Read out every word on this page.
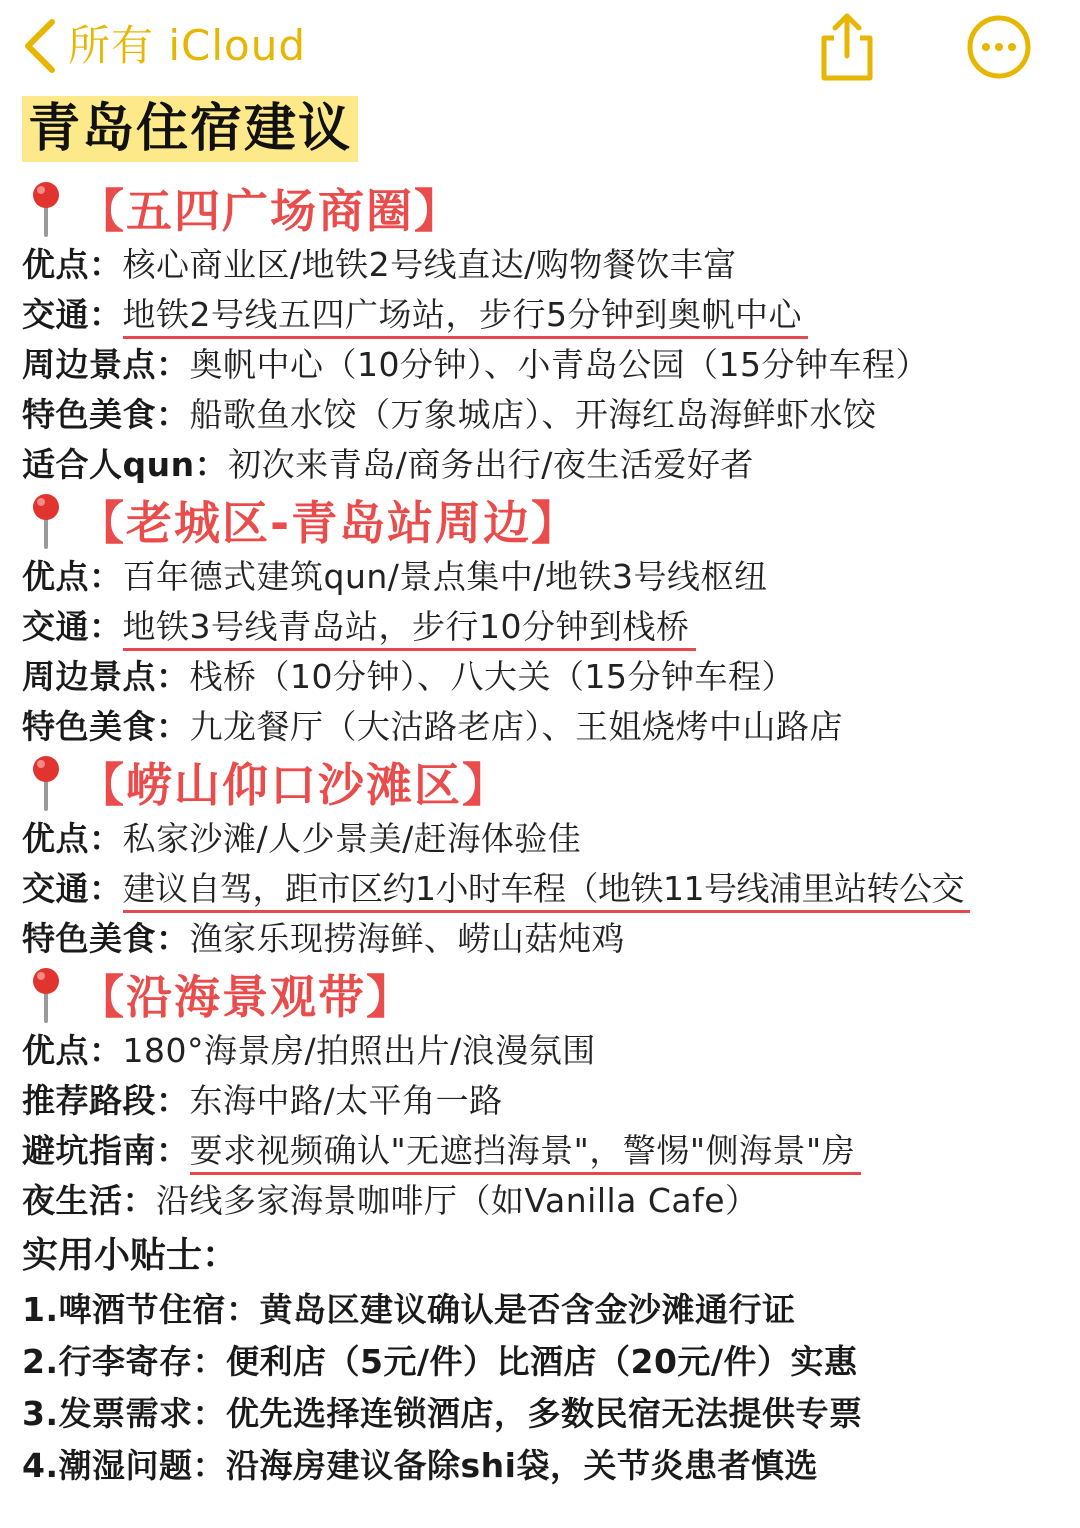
所有 iCloud
青岛住宿建议
【五四广场商圈】
优点：核心商业区/地铁2号线直达/购物餐饮丰富
交通：地铁2号线五四广场站，步行5分钟到奥帆中心
周边景点：奥帆中心（10分钟）、小青岛公园（15分钟车程）
特色美食：船歌鱼水饺（万象城店）、开海红岛海鲜虾水饺
适合人qun：初次来青岛/商务出行/夜生活爱好者
【老城区-青岛站周边】
优点：百年德式建筑qun/景点集中/地铁3号线枢纽
交通：地铁3号线青岛站，步行10分钟到栈桥
周边景点：栈桥（10分钟）、八大关（15分钟车程）
特色美食：九龙餐厅（大沽路老店）、王姐烧烤中山路店
【崂山仰口沙滩区】
优点：私家沙滩/人少景美/赶海体验佳
交通：建议自驾，距市区约1小时车程（地铁11号线浦里站转公交
特色美食：渔家乐现捞海鲜、崂山菇炖鸡
【沿海景观带】
优点：180°海景房/拍照出片/浪漫氛围
推荐路段：东海中路/太平角一路
避坑指南：要求视频确认"无遮挡海景"，警惕"侧海景"房
夜生活：沿线多家海景咖啡厅（如Vanilla Cafe）
实用小贴士：
1.啤酒节住宿：黄岛区建议确认是否含金沙滩通行证
2.行李寄存：便利店（5元/件）比酒店（20元/件）实惠
3.发票需求：优先选择连锁酒店，多数民宿无法提供专票
4.潮湿问题：沿海房建议备除shi袋，关节炎患者慎选
